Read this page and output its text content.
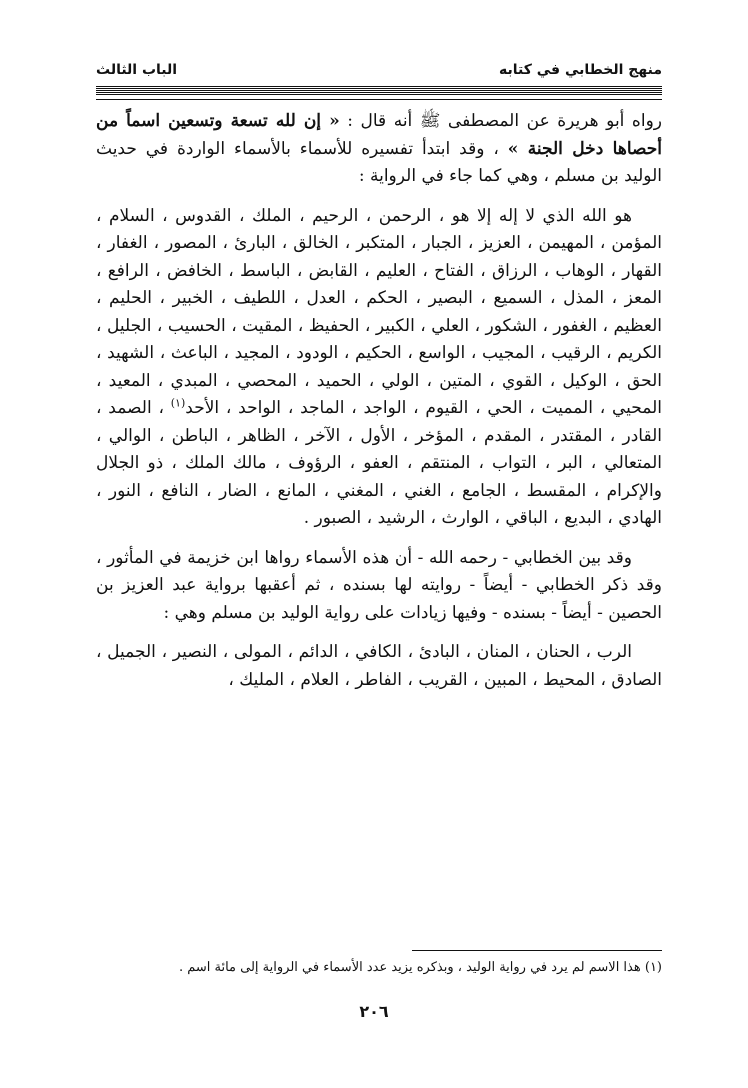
منهج الخطابي في كتابه
الباب الثالث

رواه أبو هريرة عن المصطفى ﷺ أنه قال : « إن لله تسعة وتسعين اسماً من أحصاها دخل الجنة » ، وقد ابتدأ تفسيره للأسماء بالأسماء الواردة في حديث الوليد بن مسلم ، وهي كما جاء في الرواية :

هو الله الذي لا إله إلا هو ، الرحمن ، الرحيم ، الملك ، القدوس ، السلام ، المؤمن ، المهيمن ، العزيز ، الجبار ، المتكبر ، الخالق ، البارئ ، المصور ، الغفار ، القهار ، الوهاب ، الرزاق ، الفتاح ، العليم ، القابض ، الباسط ، الخافض ، الرافع ، المعز ، المذل ، السميع ، البصير ، الحكم ، العدل ، اللطيف ، الخبير ، الحليم ، العظيم ، الغفور ، الشكور ، العلي ، الكبير ، الحفيظ ، المقيت ، الحسيب ، الجليل ، الكريم ، الرقيب ، المجيب ، الواسع ، الحكيم ، الودود ، المجيد ، الباعث ، الشهيد ، الحق ، الوكيل ، القوي ، المتين ، الولي ، الحميد ، المحصي ، المبدي ، المعيد ، المحيي ، المميت ، الحي ، القيوم ، الواجد ، الماجد ، الواحد ، الأحد$^{(١)}$ ، الصمد ، القادر ، المقتدر ، المقدم ، المؤخر ، الأول ، الآخر ، الظاهر ، الباطن ، الوالي ، المتعالي ، البر ، التواب ، المنتقم ، العفو ، الرؤوف ، مالك الملك ، ذو الجلال والإكرام ، المقسط ، الجامع ، الغني ، المغني ، المانع ، الضار ، النافع ، النور ، الهادي ، البديع ، الباقي ، الوارث ، الرشيد ، الصبور .

وقد بين الخطابي - رحمه الله - أن هذه الأسماء رواها ابن خزيمة في المأثور ، وقد ذكر الخطابي - أيضاً - روايته لها بسنده ، ثم أعقبها برواية عبد العزيز بن الحصين - أيضاً - بسنده - وفيها زيادات على رواية الوليد بن مسلم وهي :

الرب ، الحنان ، المنان ، البادئ ، الكافي ، الدائم ، المولى ، النصير ، الجميل ، الصادق ، المحيط ، المبين ، القريب ، الفاطر ، العلام ، المليك ،

(١) هذا الاسم لم يرد في رواية الوليد ، وبذكره يزيد عدد الأسماء في الرواية إلى مائة اسم .
٢٠٦
